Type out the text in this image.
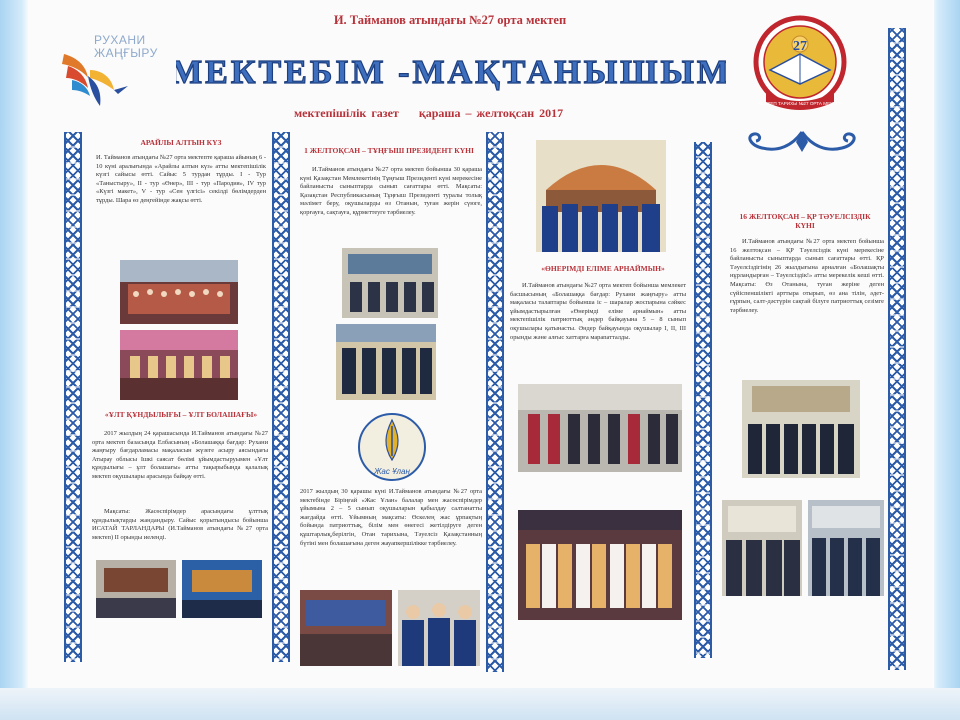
РУХАНИ
ЖАҢҒЫРУ
И. Тайманов атындағы №27 орта мектеп
МЕКТЕБІМ -МАҚТАНЫШЫМ
мектепішілік газет    қараша – желтоқсан 2017
27
МЕКТЕП ТАРИХЫ №27 ОРТА МЕКТЕП
АРАЙЛЫ АЛТЫН КҮЗ
И. Тайманов атындағы №27 орта мектепте қараша айының 6 - 10 күні аралығында «Арайлы алтын күз» атты мектепішілік күзгі сайысы өтті. Сайыс 5 турдан тұрды. I - Тур «Таныстыру», II - тур «Өнер», III - тур «Пародия», IV тур «Күзгі макет», V - тур «Сен үлгісі» секілді бөлімдерден тұрды. Шара өз деңгейінде жақсы өтті.
«ҰЛТ ҚҰНДЫЛЫҒЫ – ҰЛТ БОЛАШАҒЫ»
2017 жылдың 24 қарашасында И.Тайманов атындағы №27 орта мектеп базасында Елбасының «Болашаққа бағдар: Рухани жаңғыру бағдарламасы мақаласын жүзеге асыру аясындағы Атырау облысы Ішкі саясат бөлімі ұйымдастыруымен «Ұлт құндылығы – ұлт болашағы» атты тақырыбында қалалық мектеп оқушылары арасында байқау өтті.
Мақсаты: Жасөспірімдер арасындағы ұлттық құндылықтарды жандандыру. Сайыс қорытындысы бойынша ИСАТАЙ ТАРЛАНДАРЫ (И.Тайманов атындағы №27 орта мектеп) II орынды иеленді.
1 ЖЕЛТОҚСАН – ТҰҢҒЫШ ПРЕЗИДЕНТ КҮНІ
И.Тайманов атындағы №27 орта мектеп бойынша 30 қараша күні Қазақстан Мемлекетінің Тұңғыш Президенті күні мерекесіне байланысты сыныптарда сынып сағаттары өтті. Мақсаты: Қазақстан Республикасының Тұңғыш Президенті туралы толық мәлімет беру, оқушыларды өз Отанын, туған жерін сүюге, қорғауға, сақтауға, құрметтеуге тәрбиелеу.
Жас Ұлан
2017 жылдың 30 қарашы күні И.Тайманов атындағы №27 орта мектебінде Біріңғай «Жас Ұлан» балалар мен жасөспірімдер ұйымына 2 – 5 сынып оқушыларын қабылдау салтанатты жағдайда өтті. Ұйымның мақсаты: Өскелең жас ұрпақтың бойында патриоттық, білім мен өнегесі жетілдіруге деген құштарлық,берілгін, Отан тарихына, Тәуелсіз Қазақстанның бүтіні мен болашағына деген жауапкершілікке тәрбиелеу.
«ӨНЕРІМДІ ЕЛІМЕ АРНАЙМЫН»
И.Тайманов атындағы №27 орта мектеп бойынша мемлекет басшысының «Болашаққа бағдар: Рухани жаңғыру» атты мақаласы талаптары бойынша іс – шаралар жоспарына сәйкес ұйымдастырылған «Өнерімді еліме арнаймын» атты мектепішілік патриоттық әндер байқауына 5 – 8 сынып оқушылары қатынасты. Әндер байқауында оқушылар I, II, III орынды және алғыс хаттарға марапатталды.
16 ЖЕЛТОҚСАН – ҚР ТӘУЕЛСІЗДІК КҮНІ
И.Тайманов атындағы №27 орта мектеп бойынша 16 желтоқсан – ҚР Тәуелсіздік күні мерекесіне байланысты сыныптарда сынып сағаттары өтті. ҚР Тәуелсіздігінің 26 жылдығына арналған «Болашақты нұрландырған – Тәуелсіздік!» атты мерекелік кеші өтті. Мақсаты: Өз Отанына, туған жеріне деген сүйіспеншілікті арттыра отырып, өз ана тілін, әдет-ғұрпын, салт-дәстүрін сақтай білуге патриоттық сезімге тәрбиелеу.
